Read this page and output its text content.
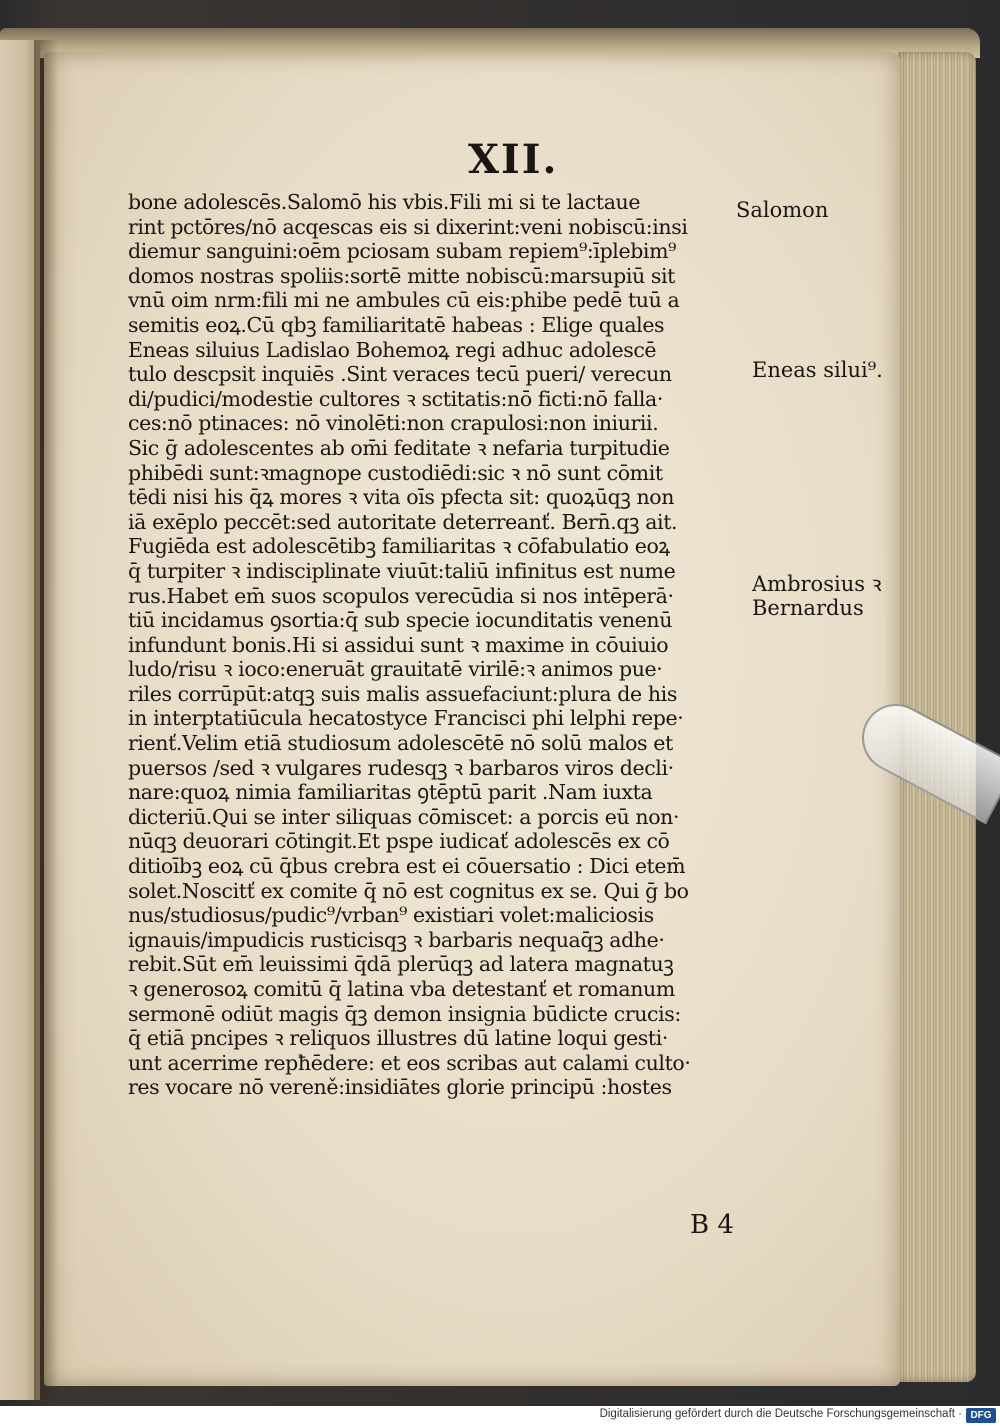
XII.
bone adolescēs.Salomō his vbis.Fili mi si te lactaue
rint pctōres/nō acqescas eis si dixerint:veni nobiscū:insi
diemur sanguini:oēm pciosam subam repiem⁹:īplebim⁹
domos nostras spoliis:sortē mitte nobiscū:marsupiū sit
vnū oim nrm:fili mi ne ambules cū eis:phibe pedē tuū a
semitis eoꝝ.Cū qbꝫ familiaritatē habeas : Elige quales
Eneas siluius Ladislao Bohemoꝝ regi adhuc adolescē
tulo descpsit inquiēs .Sint veraces tecū pueri/ verecun
di/pudici/modestie cultores ꝛ sctitatis:nō ficti:nō falla·
ces:nō ptinaces: nō vinolēti:non crapulosi:non iniurii.
Sic ḡ adolescentes ab om̄i feditate ꝛ nefaria turpitudie
phibēdi sunt:ꝛmagnope custodiēdi:sic ꝛ nō sunt cōmit
tēdi nisi his q̄ꝝ mores ꝛ vita oīs pfecta sit: quoꝝūqꝫ non
iā exēplo peccēt:sed autoritate deterreanť. Bern̄.qꝫ ait.
Fugiēda est adolescētibꝫ familiaritas ꝛ cōfabulatio eoꝝ
q̄ turpiter ꝛ indisciplinate viuūt:taliū infinitus est nume
rus.Habet em̄ suos scopulos verecūdia si nos intēperā·
tiū incidamus ꝯsortia:q̄ sub specie iocunditatis venenū
infundunt bonis.Hi si assidui sunt ꝛ maxime in cōuiuio
ludo/risu ꝛ ioco:eneruāt grauitatē virilē:ꝛ animos pue·
riles corrūpūt:atqꝫ suis malis assuefaciunt:plura de his
in interptatiūcula hecatostyce Francisci phi lelphi repe·
rienť.Velim etiā studiosum adolescētē nō solū malos et
puersos /sed ꝛ vulgares rudesqꝫ ꝛ barbaros viros decli·
nare:quoꝝ nimia familiaritas ꝯtēptū parit .Nam iuxta
dicteriū.Qui se inter siliquas cōmiscet: a porcis eū non·
nūqꝫ deuorari cōtingit.Et pspe iudicať adolescēs ex cō
ditioībꝫ eoꝝ cū q̄bus crebra est ei cōuersatio : Dici etem̄
solet.Noscitť ex comite q̄ nō est cognitus ex se. Qui ḡ bo
nus/studiosus/pudic⁹/vrban⁹ existiari volet:maliciosis
ignauis/impudicis rusticisqꝫ ꝛ barbaris nequaq̄ꝫ adhe·
rebit.Sūt em̄ leuissimi q̄dā plerūqꝫ ad latera magnatuꝫ
ꝛ generosoꝝ comitū q̄ latina vba detestanť et romanum
sermonē odiūt magis q̄ꝫ demon insignia būdicte crucis:
q̄ etiā pncipes ꝛ reliquos illustres dū latine loqui gesti·
unt acerrime repħēdere: et eos scribas aut calami culto·
res vocare nō vereně:insidiātes glorie principū :hostes
Salomon
Eneas silui⁹.
Ambrosius ꝛ
Bernardus
B 4
Digitalisierung gefördert durch die Deutsche Forschungsgemeinschaft · DFG
